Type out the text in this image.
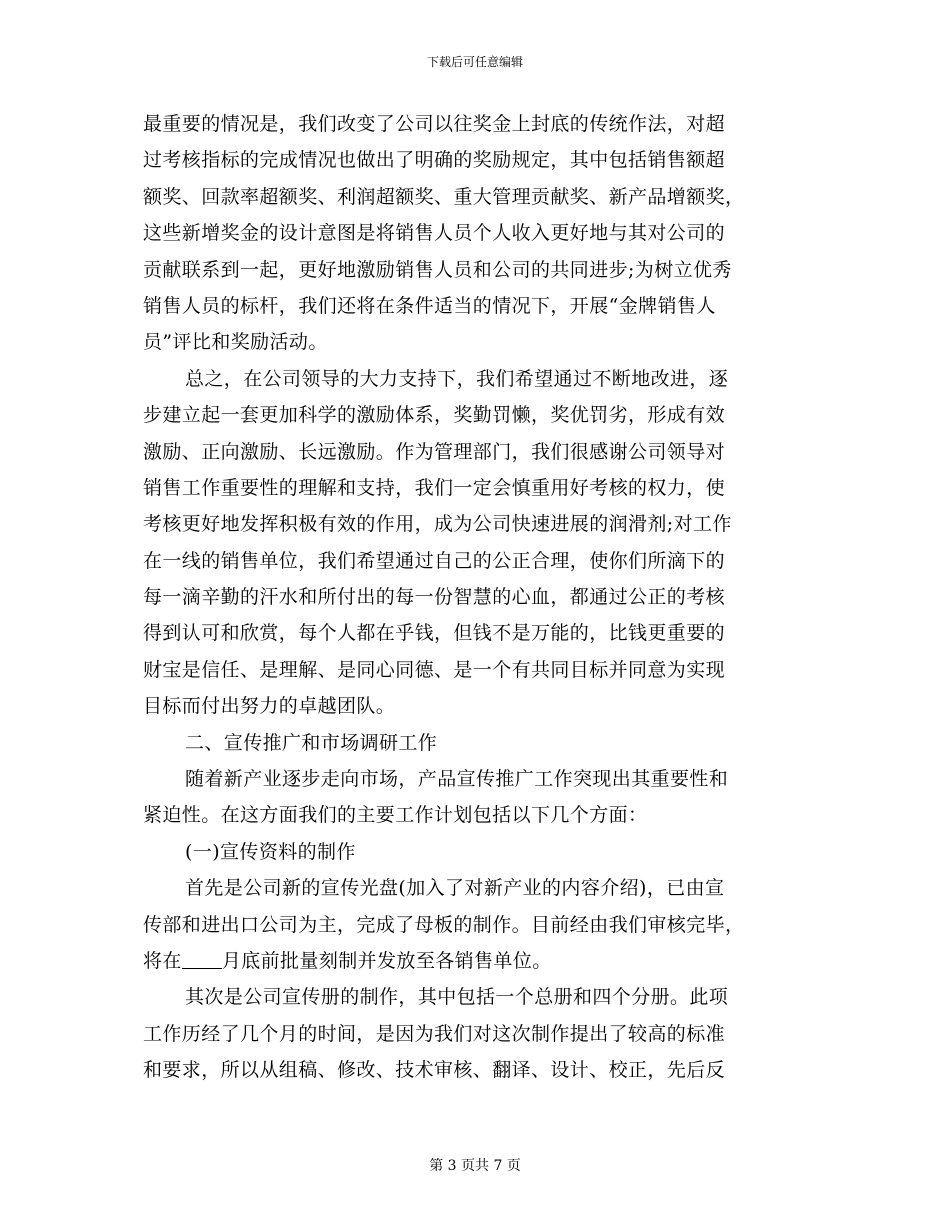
下载后可任意编辑
最重要的情况是，我们改变了公司以往奖金上封底的传统作法，对超
过考核指标的完成情况也做出了明确的奖励规定，其中包括销售额超
额奖、回款率超额奖、利润超额奖、重大管理贡献奖、新产品增额奖，
这些新增奖金的设计意图是将销售人员个人收入更好地与其对公司的
贡献联系到一起，更好地激励销售人员和公司的共同进步;为树立优秀
销售人员的标杆，我们还将在条件适当的情况下，开展“金牌销售人
员”评比和奖励活动。
总之，在公司领导的大力支持下，我们希望通过不断地改进，逐
步建立起一套更加科学的激励体系，奖勤罚懒，奖优罚劣，形成有效
激励、正向激励、长远激励。作为管理部门，我们很感谢公司领导对
销售工作重要性的理解和支持，我们一定会慎重用好考核的权力，使
考核更好地发挥积极有效的作用，成为公司快速进展的润滑剂;对工作
在一线的销售单位，我们希望通过自己的公正合理，使你们所滴下的
每一滴辛勤的汗水和所付出的每一份智慧的心血，都通过公正的考核
得到认可和欣赏，每个人都在乎钱，但钱不是万能的，比钱更重要的
财宝是信任、是理解、是同心同德、是一个有共同目标并同意为实现
目标而付出努力的卓越团队。
二、宣传推广和市场调研工作
随着新产业逐步走向市场，产品宣传推广工作突现出其重要性和
紧迫性。在这方面我们的主要工作计划包括以下几个方面：
(一)宣传资料的制作
首先是公司新的宣传光盘(加入了对新产业的内容介绍)，已由宣
传部和进出口公司为主，完成了母板的制作。目前经由我们审核完毕，
将在 月底前批量刻制并发放至各销售单位。
其次是公司宣传册的制作，其中包括一个总册和四个分册。此项
工作历经了几个月的时间，是因为我们对这次制作提出了较高的标准
和要求，所以从组稿、修改、技术审核、翻译、设计、校正，先后反
第 3 页共 7 页
